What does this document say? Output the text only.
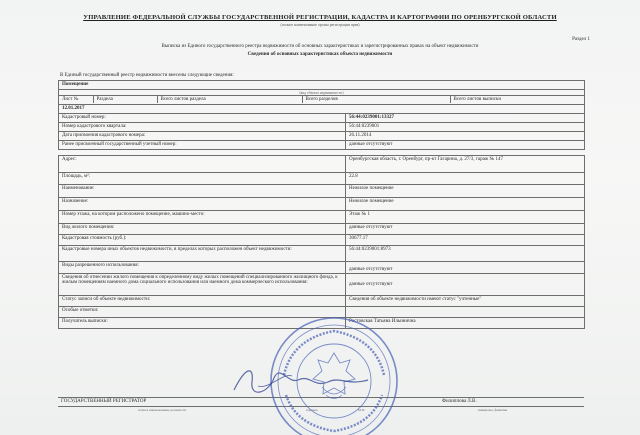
УПРАВЛЕНИЕ ФЕДЕРАЛЬНОЙ СЛУЖБЫ ГОСУДАРСТВЕННОЙ РЕГИСТРАЦИИ, КАДАСТРА И КАРТОГРАФИИ ПО ОРЕНБУРГСКОЙ ОБЛАСТИ
(полное наименование органа регистрации прав)
Раздел 1
Выписка из Единого государственного реестра недвижимости об основных характеристиках и зарегистрированных правах на объект недвижимости
Сведения об основных характеристиках объекта недвижимости
В Единый государственный реестр недвижимости внесены следующие сведения:
Помещение
(вид объекта недвижимости)

Лист №	Раздела	Всего листов раздела	Всего разделов	Всего листов выписки

12.01.2017
Кадастровый номер:	56:44:0239001:13327
Номер кадастрового квартала:	56:44:0239001
Дата присвоения кадастрового номера:	26.11.2014
Ранее присвоенный государственный учетный номер:	данные отсутствуют

Адрес:	Оренбургская область, г. Оренбург, пр-кт Гагарина, д. 27/3, гараж № 147
Площадь, м²:	22.8
Наименование:	Нежилое помещение
Назначение:	Нежилое помещение
Номер этажа, на котором расположено помещение, машино-место:	Этаж № 1
Вид жилого помещения:	данные отсутствуют
Кадастровая стоимость (руб.):	30677.17
Кадастровые номера иных объектов недвижимости, в пределах которых расположен объект недвижимости:	56:44:0239001:8973
Виды разрешенного использования:	данные отсутствуют
Сведения об отнесении жилого помещения к определенному виду жилых помещений специализированного жилищного фонда, к жилым помещениям наемного дома социального использования или наемного дома коммерческого использования:	данные отсутствуют
Статус записи об объекте недвижимости:	Сведения об объекте недвижимости имеют статус "учтенные"
Особые отметки:	
Получатель выписки:	Ростовская Татьяна Ильинична
ГОСУДАРСТВЕННЫЙ РЕГИСТРАТОР	Филиппова Л.В.
полное наименование должности	подпись	М.П.	инициалы, фамилия
